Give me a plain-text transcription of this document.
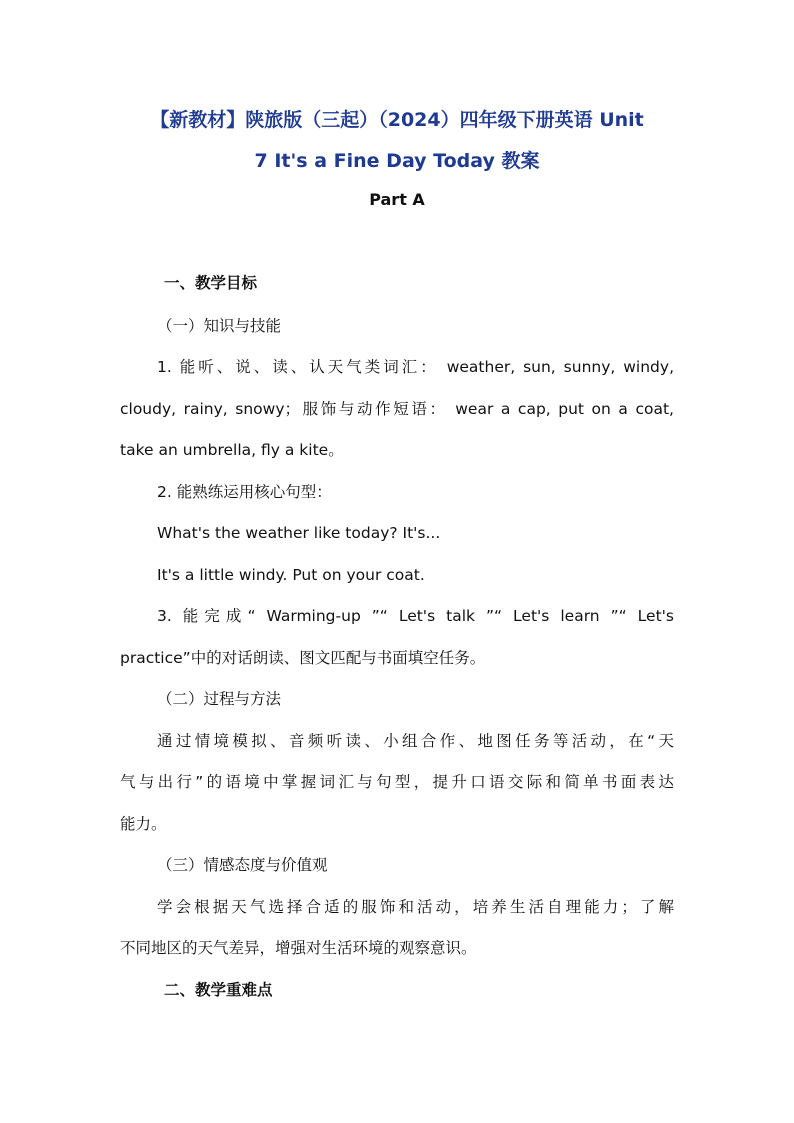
【新教材】陕旅版（三起）（2024）四年级下册英语 Unit
7 It's a Fine Day Today 教案
Part A
一、教学目标
（一）知识与技能
1. 能听、说、读、认天气类词汇： weather, sun, sunny, windy,
cloudy, rainy, snowy；服饰与动作短语： wear a cap, put on a coat,
take an umbrella, fly a kite。
2. 能熟练运用核心句型：
What's the weather like today? It's...
It's a little windy. Put on your coat.
3. 能完成“ Warming-up ”“ Let's talk ”“ Let's learn ”“ Let's
practice”中的对话朗读、图文匹配与书面填空任务。
（二）过程与方法
通过情境模拟、音频听读、小组合作、地图任务等活动，在“天
气与出行”的语境中掌握词汇与句型，提升口语交际和简单书面表达
能力。
（三）情感态度与价值观
学会根据天气选择合适的服饰和活动，培养生活自理能力；了解
不同地区的天气差异，增强对生活环境的观察意识。
二、教学重难点
